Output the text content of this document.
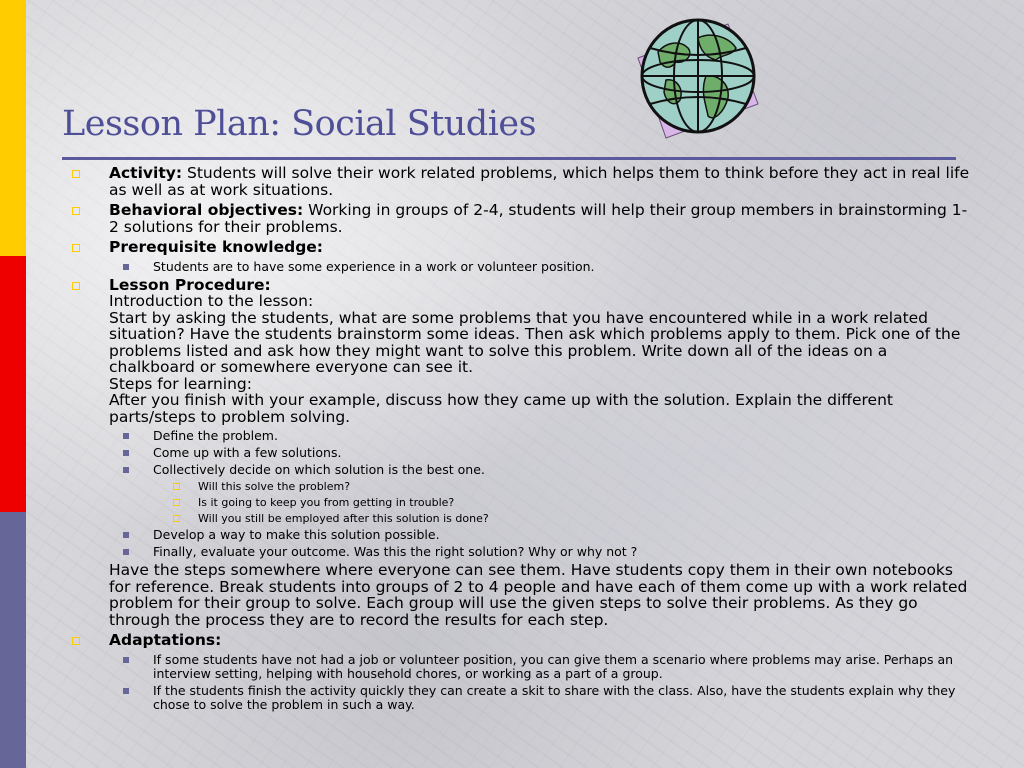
Lesson Plan: Social Studies
Activity: Students will solve their work related problems, which helps them to think before they act in real life as well as at work situations.
Behavioral objectives: Working in groups of 2-4, students will help their group members in brainstorming 1-2 solutions for their problems.
Prerequisite knowledge:
Students are to have some experience in a work or volunteer position.
Lesson Procedure:
Introduction to the lesson:
Start by asking the students, what are some problems that you have encountered while in a work related situation? Have the students brainstorm some ideas. Then ask which problems apply to them. Pick one of the problems listed and ask how they might want to solve this problem. Write down all of the ideas on a chalkboard or somewhere everyone can see it.
Steps for learning:
After you finish with your example, discuss how they came up with the solution. Explain the different parts/steps to problem solving.
Define the problem.
Come up with a few solutions.
Collectively decide on which solution is the best one.
Will this solve the problem?
Is it going to keep you from getting in trouble?
Will you still be employed after this solution is done?
Develop a way to make this solution possible.
Finally, evaluate your outcome. Was this the right solution? Why or why not ?
Have the steps somewhere where everyone can see them. Have students copy them in their own notebooks for reference. Break students into groups of 2 to 4 people and have each of them come up with a work related problem for their group to solve. Each group will use the given steps to solve their problems. As they go through the process they are to record the results for each step.
Adaptations:
If some students have not had a job or volunteer position, you can give them a scenario where problems may arise. Perhaps an interview setting, helping with household chores, or working as a part of a group.
If the students finish the activity quickly they can create a skit to share with the class. Also, have the students explain why they chose to solve the problem in such a way.
